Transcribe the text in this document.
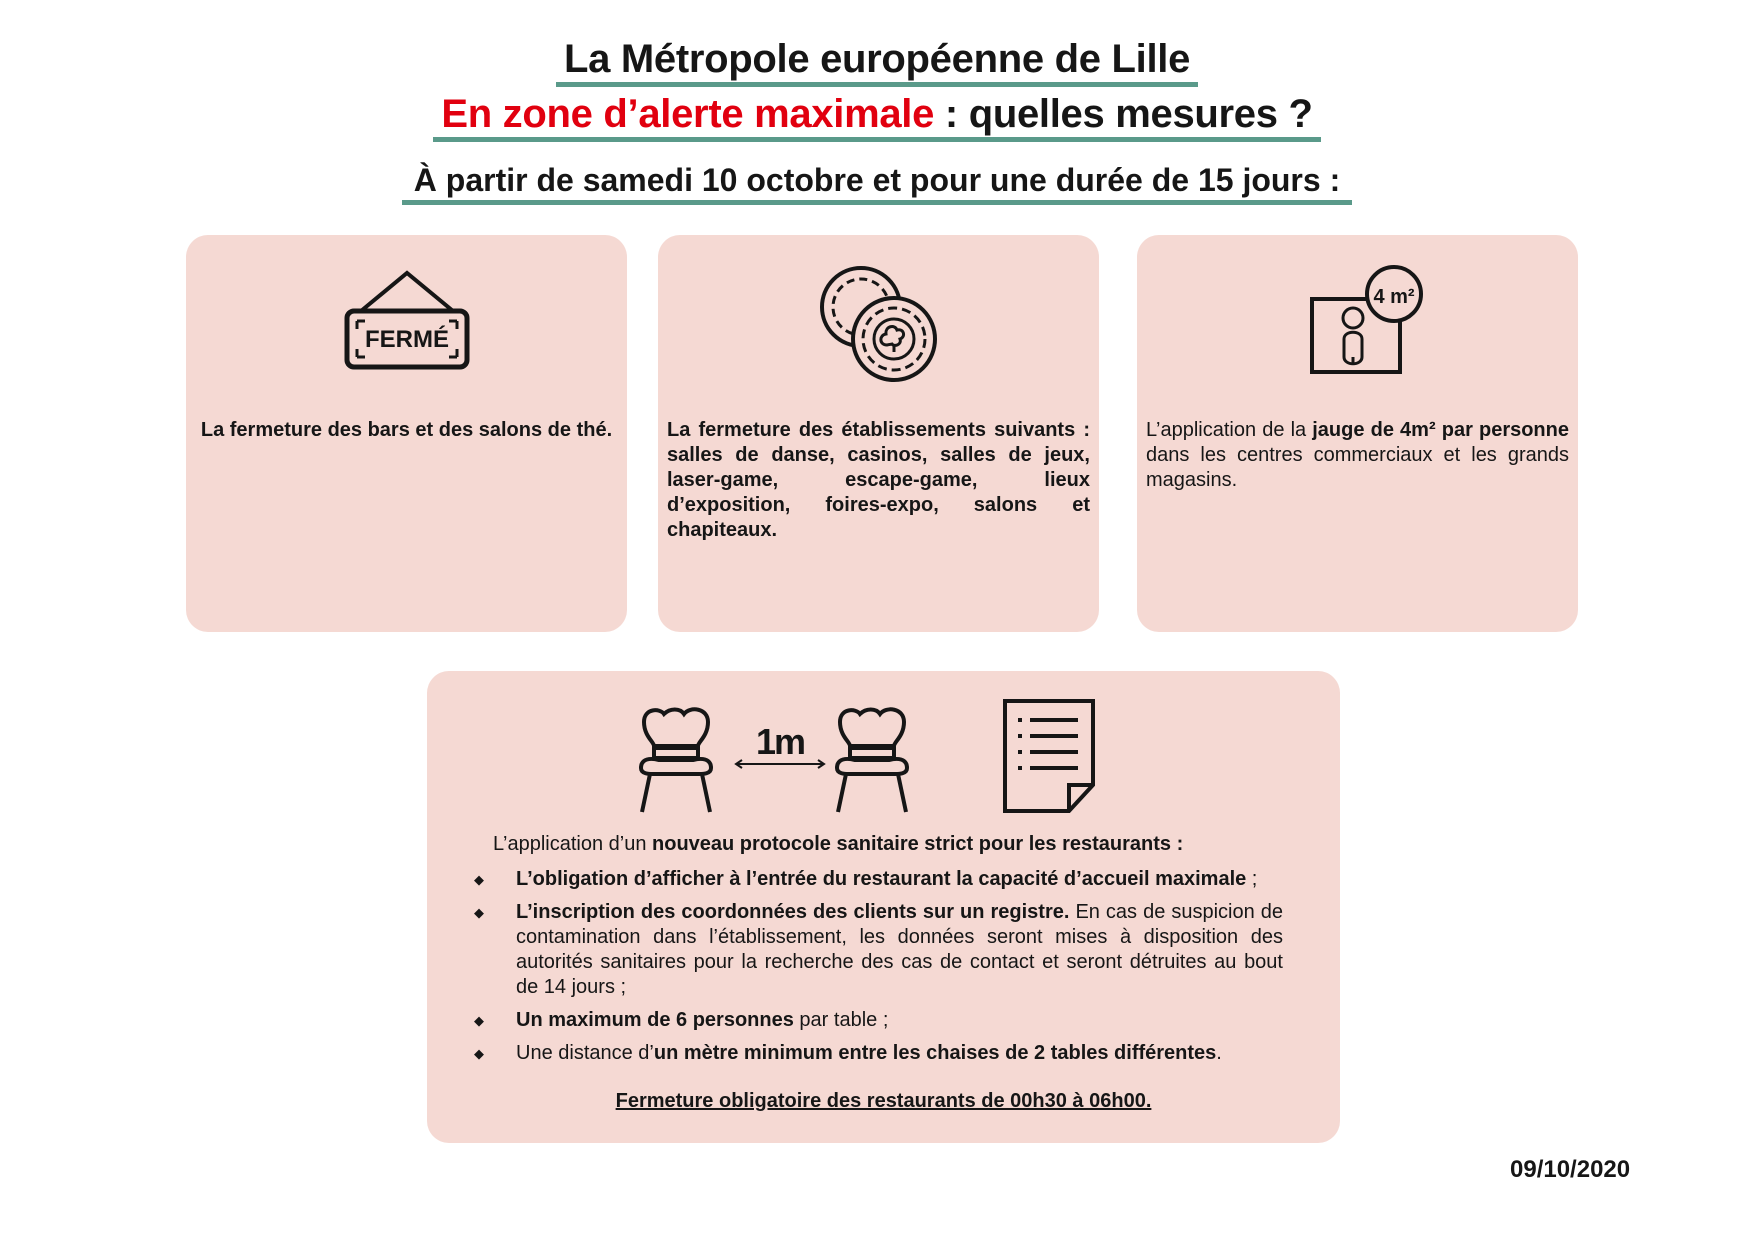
La Métropole européenne de Lille
En zone d’alerte maximale : quelles mesures ?
À partir de samedi 10 octobre et pour une durée de 15 jours :
FERMÉ
La fermeture des bars et des salons de thé.	La fermeture des établissements suivants : salles de danse, casinos, salles de jeux, laser-game, escape-game, lieux d’exposition, foires-expo, salons et chapiteaux.
4 m²
L’application de la jauge de 4m² par personne dans les centres commerciaux et les grands magasins.
1m
L’application d’un nouveau protocole sanitaire strict pour les restaurants :
◆ L’obligation d’afficher à l’entrée du restaurant la capacité d’accueil maximale ;
◆ L’inscription des coordonnées des clients sur un registre. En cas de suspicion de contamination dans l’établissement, les données seront mises à disposition des autorités sanitaires pour la recherche des cas de contact et seront détruites au bout de 14 jours ;
◆ Un maximum de 6 personnes par table ;
◆ Une distance d’un mètre minimum entre les chaises de 2 tables différentes.
Fermeture obligatoire des restaurants de 00h30 à 06h00.
09/10/2020
